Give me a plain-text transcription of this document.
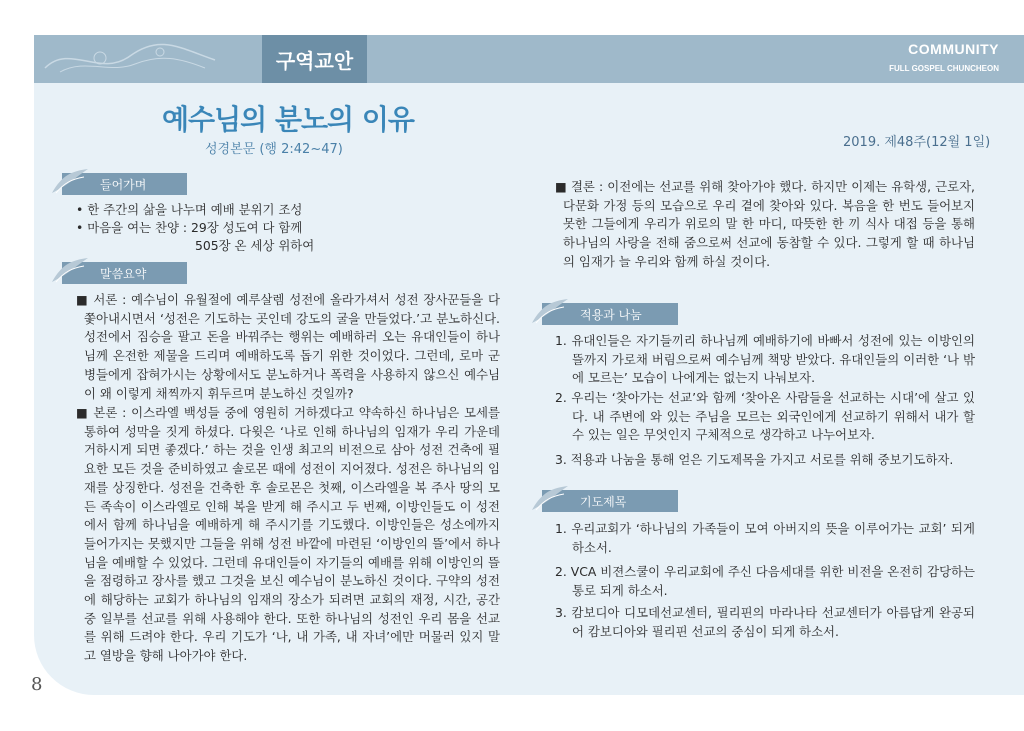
구역교안	COMMUNITY
FULL GOSPEL CHUNCHEON
예수님의 분노의 이유
성경본문 (행 2:42~47)	2019. 제48주(12월 1일)
들어가며
• 한 주간의 삶을 나누며 예배 분위기 조성
• 마음을 여는 찬양 : 29장 성도여 다 함께
505장 온 세상 위하여
말씀요약
■ 서론 : 예수님이 유월절에 예루살렘 성전에 올라가셔서 성전 장사꾼들을 다 쫓아내시면서 ‘성전은 기도하는 곳인데 강도의 굴을 만들었다.’고 분노하신다. 성전에서 짐승을 팔고 돈을 바꿔주는 행위는 예배하러 오는 유대인들이 하나님께 온전한 제물을 드리며 예배하도록 돕기 위한 것이었다. 그런데, 로마 군병들에게 잡혀가시는 상황에서도 분노하거나 폭력을 사용하지 않으신 예수님이 왜 이렇게 채찍까지 휘두르며 분노하신 것일까?
■ 본론 : 이스라엘 백성들 중에 영원히 거하겠다고 약속하신 하나님은 모세를 통하여 성막을 짓게 하셨다. 다윗은 ‘나로 인해 하나님의 임재가 우리 가운데 거하시게 되면 좋겠다.’ 하는 것을 인생 최고의 비전으로 삼아 성전 건축에 필요한 모든 것을 준비하였고 솔로몬 때에 성전이 지어졌다. 성전은 하나님의 임재를 상징한다. 성전을 건축한 후 솔로몬은 첫째, 이스라엘을 복 주사 땅의 모든 족속이 이스라엘로 인해 복을 받게 해 주시고 두 번째, 이방인들도 이 성전에서 함께 하나님을 예배하게 해 주시기를 기도했다. 이방인들은 성소에까지 들어가지는 못했지만 그들을 위해 성전 바깥에 마련된 ‘이방인의 뜰’에서 하나님을 예배할 수 있었다. 그런데 유대인들이 자기들의 예배를 위해 이방인의 뜰을 점령하고 장사를 했고 그것을 보신 예수님이 분노하신 것이다. 구약의 성전에 해당하는 교회가 하나님의 임재의 장소가 되려면 교회의 재정, 시간, 공간 중 일부를 선교를 위해 사용해야 한다. 또한 하나님의 성전인 우리 몸을 선교를 위해 드려야 한다. 우리 기도가 ‘나, 내 가족, 내 자녀’에만 머물러 있지 말고 열방을 향해 나아가야 한다.
■ 결론 : 이전에는 선교를 위해 찾아가야 했다. 하지만 이제는 유학생, 근로자, 다문화 가정 등의 모습으로 우리 곁에 찾아와 있다. 복음을 한 번도 들어보지 못한 그들에게 우리가 위로의 말 한 마디, 따뜻한 한 끼 식사 대접 등을 통해 하나님의 사랑을 전해 줌으로써 선교에 동참할 수 있다. 그렇게 할 때 하나님의 임재가 늘 우리와 함께 하실 것이다.
적용과 나눔
1. 유대인들은 자기들끼리 하나님께 예배하기에 바빠서 성전에 있는 이방인의 뜰까지 가로채 버림으로써 예수님께 책망 받았다. 유대인들의 이러한 ‘나 밖에 모르는’ 모습이 나에게는 없는지 나눠보자.
2. 우리는 ‘찾아가는 선교’와 함께 ‘찾아온 사람들을 선교하는 시대’에 살고 있다. 내 주변에 와 있는 주님을 모르는 외국인에게 선교하기 위해서 내가 할 수 있는 일은 무엇인지 구체적으로 생각하고 나누어보자.
3. 적용과 나눔을 통해 얻은 기도제목을 가지고 서로를 위해 중보기도하자.
기도제목
1. 우리교회가 ‘하나님의 가족들이 모여 아버지의 뜻을 이루어가는 교회’ 되게 하소서.
2. VCA 비젼스쿨이 우리교회에 주신 다음세대를 위한 비전을 온전히 감당하는 통로 되게 하소서.
3. 캄보디아 디모데선교센터, 필리핀의 마라나타 선교센터가 아름답게 완공되어 캄보디아와 필리핀 선교의 중심이 되게 하소서.
8
